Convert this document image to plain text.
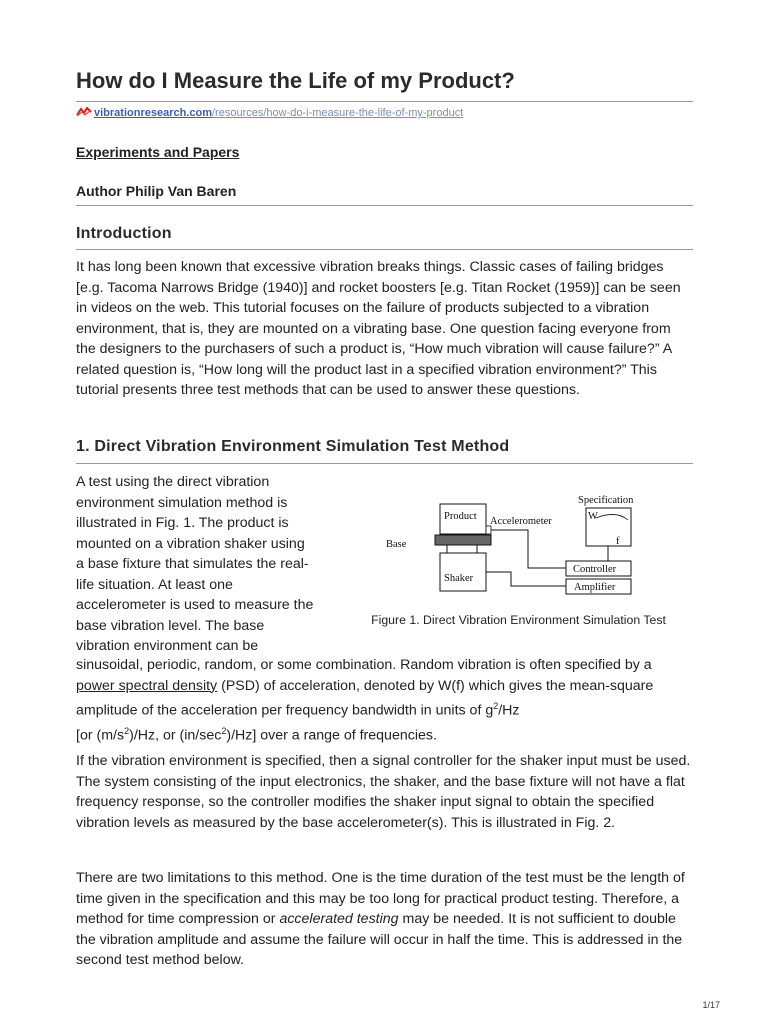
How do I Measure the Life of my Product?
vibrationresearch.com/resources/how-do-i-measure-the-life-of-my-product
Experiments and Papers
Author Philip Van Baren
Introduction

It has long been known that excessive vibration breaks things. Classic cases of failing bridges [e.g. Tacoma Narrows Bridge (1940)] and rocket boosters [e.g. Titan Rocket (1959)] can be seen in videos on the web. This tutorial focuses on the failure of products subjected to a vibration environment, that is, they are mounted on a vibrating base. One question facing everyone from the designers to the purchasers of such a product is, “How much vibration will cause failure?” A related question is, “How long will the product last in a specified vibration environment?” This tutorial presents three test methods that can be used to answer these questions.

1. Direct Vibration Environment Simulation Test Method

A test using the direct vibration environment simulation method is illustrated in Fig. 1. The product is mounted on a vibration shaker using a base fixture that simulates the real-life situation. At least one accelerometer is used to measure the base vibration level. The base vibration environment can be

Product Accelerometer
Base
Shaker
Specification
W
f
Controller
Amplifier
Figure 1. Direct Vibration Environment Simulation Test

sinusoidal, periodic, random, or some combination. Random vibration is often specified by a power spectral density (PSD) of acceleration, denoted by W(f) which gives the mean-square amplitude of the acceleration per frequency bandwidth in units of $g^2/Hz$
[or $(m/s^2)/Hz$, or $(in/\sec^2)/Hz$] over a range of frequencies.

If the vibration environment is specified, then a signal controller for the shaker input must be used. The system consisting of the input electronics, the shaker, and the base fixture will not have a flat frequency response, so the controller modifies the shaker input signal to obtain the specified vibration levels as measured by the base accelerometer(s). This is illustrated in Fig. 2.

There are two limitations to this method. One is the time duration of the test must be the length of time given in the specification and this may be too long for practical product testing. Therefore, a method for time compression or accelerated testing may be needed. It is not sufficient to double the vibration amplitude and assume the failure will occur in half the time. This is addressed in the second test method below.

1/17
